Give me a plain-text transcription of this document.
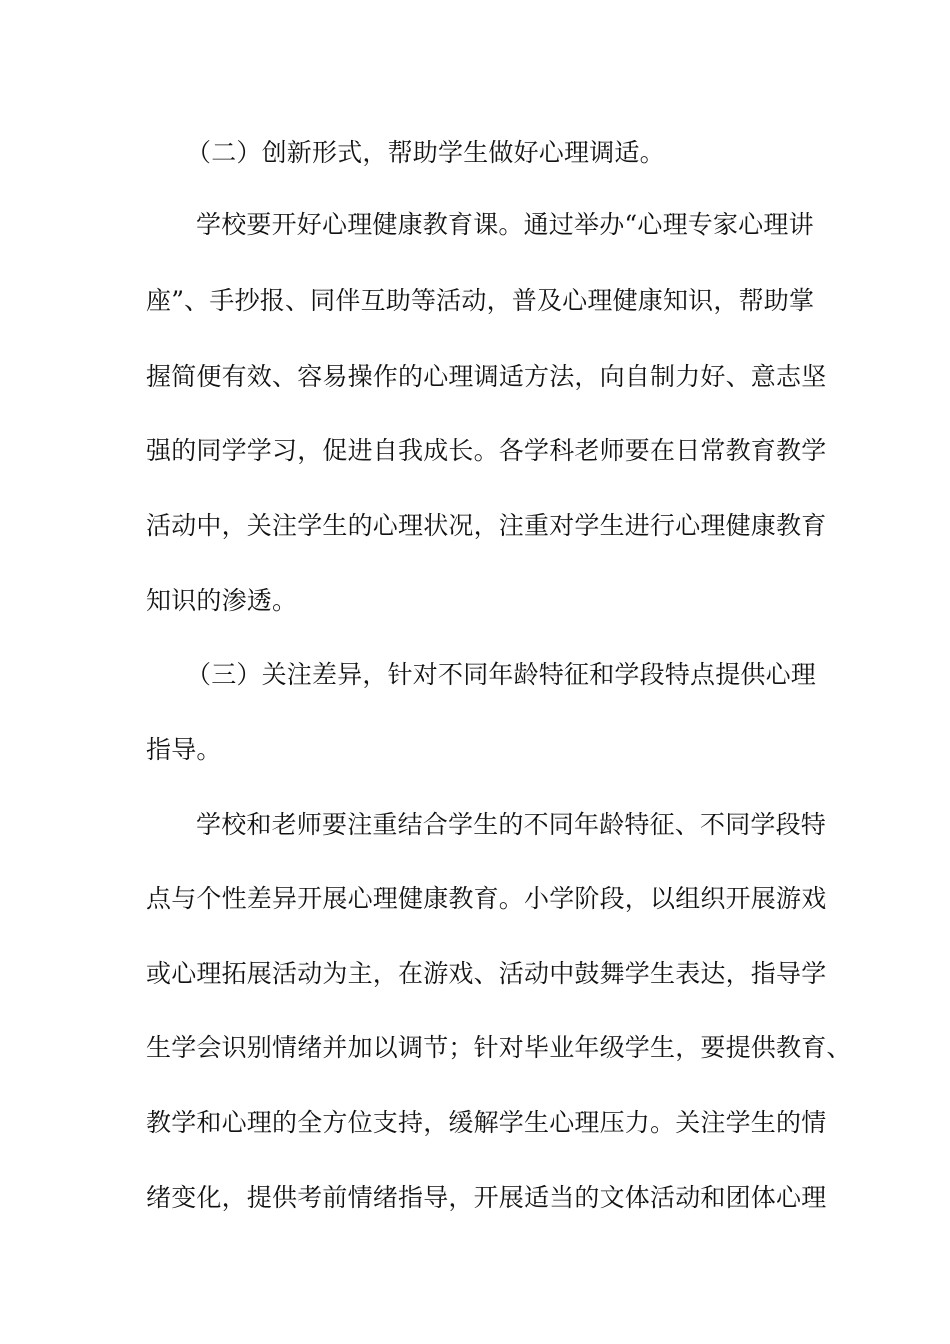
（二）创新形式，帮助学生做好心理调适。
学校要开好心理健康教育课。通过举办“心理专家心理讲
座”、手抄报、同伴互助等活动，普及心理健康知识，帮助掌
握简便有效、容易操作的心理调适方法，向自制力好、意志坚
强的同学学习，促进自我成长。各学科老师要在日常教育教学
活动中，关注学生的心理状况，注重对学生进行心理健康教育
知识的渗透。
（三）关注差异，针对不同年龄特征和学段特点提供心理
指导。
学校和老师要注重结合学生的不同年龄特征、不同学段特
点与个性差异开展心理健康教育。小学阶段，以组织开展游戏
或心理拓展活动为主，在游戏、活动中鼓舞学生表达，指导学
生学会识别情绪并加以调节；针对毕业年级学生，要提供教育、
教学和心理的全方位支持，缓解学生心理压力。关注学生的情
绪变化，提供考前情绪指导，开展适当的文体活动和团体心理
